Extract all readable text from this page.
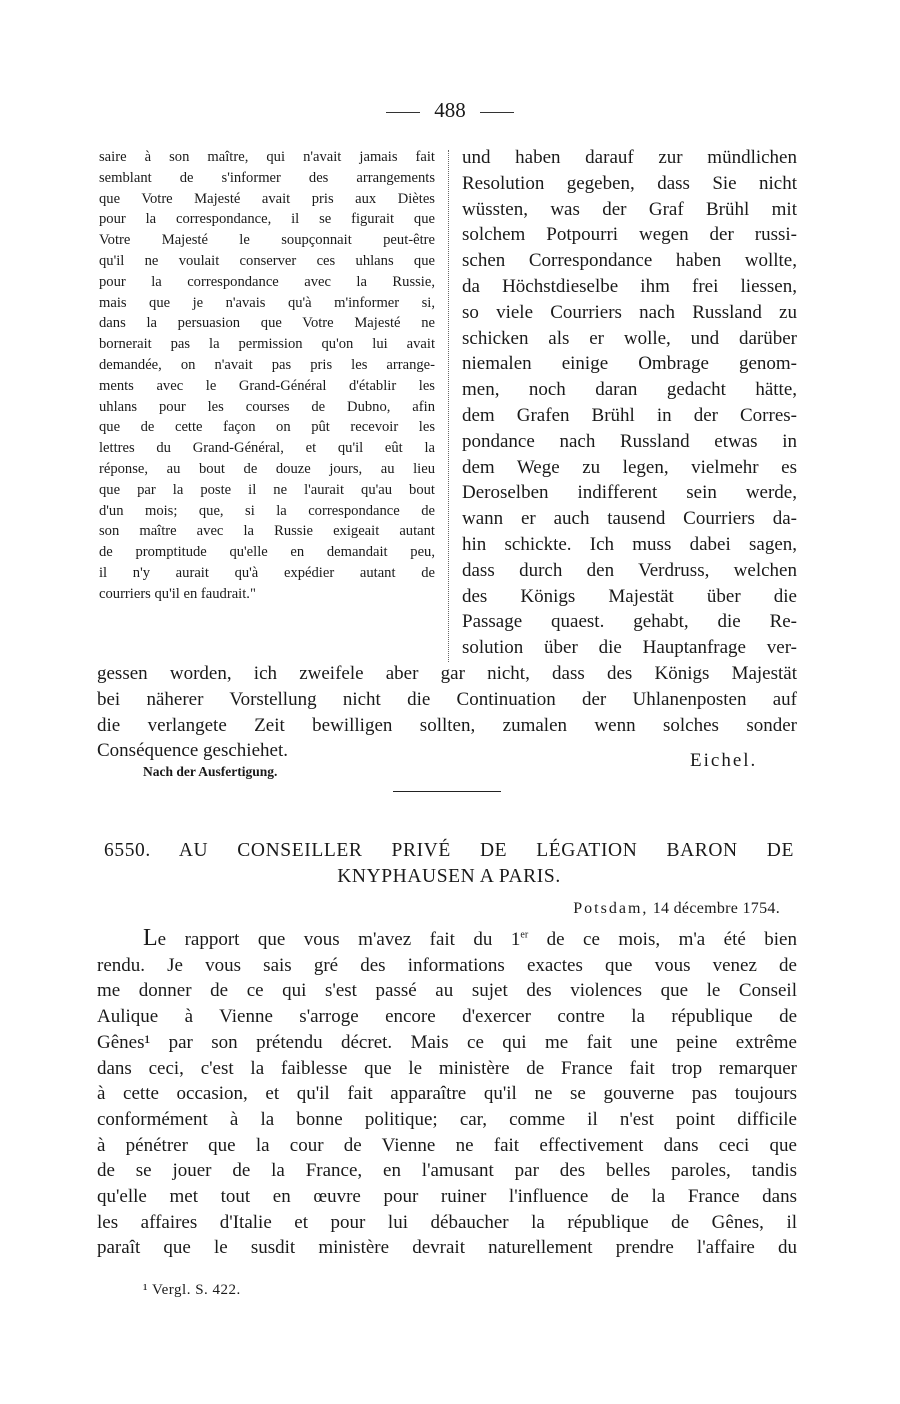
488
saire à son maître, qui n'avait jamais fait
semblant de s'informer des arrangements
que Votre Majesté avait pris aux Diètes
pour la correspondance, il se figurait que
Votre Majesté le soupçonnait peut-être
qu'il ne voulait conserver ces uhlans que
pour la correspondance avec la Russie,
mais que je n'avais qu'à m'informer si,
dans la persuasion que Votre Majesté ne
bornerait pas la permission qu'on lui avait
demandée, on n'avait pas pris les arrange-
ments avec le Grand-Général d'établir les
uhlans pour les courses de Dubno, afin
que de cette façon on pût recevoir les
lettres du Grand-Général, et qu'il eût la
réponse, au bout de douze jours, au lieu
que par la poste il ne l'aurait qu'au bout
d'un mois; que, si la correspondance de
son maître avec la Russie exigeait autant
de promptitude qu'elle en demandait peu,
il n'y aurait qu'à expédier autant de
courriers qu'il en faudrait."
und haben darauf zur mündlichen
Resolution gegeben, dass Sie nicht
wüssten, was der Graf Brühl mit
solchem Potpourri wegen der russi-
schen Correspondance haben wollte,
da Höchstdieselbe ihm frei liessen,
so viele Courriers nach Russland zu
schicken als er wolle, und darüber
niemalen einige Ombrage genom-
men, noch daran gedacht hätte,
dem Grafen Brühl in der Corres-
pondance nach Russland etwas in
dem Wege zu legen, vielmehr es
Deroselben indifferent sein werde,
wann er auch tausend Courriers da-
hin schickte. Ich muss dabei sagen,
dass durch den Verdruss, welchen
des Königs Majestät über die
Passage quaest. gehabt, die Re-
solution über die Hauptanfrage ver-
gessen worden, ich zweifele aber gar nicht, dass des Königs Majestät
bei näherer Vorstellung nicht die Continuation der Uhlanenposten auf
die verlangete Zeit bewilligen sollten, zumalen wenn solches sonder
Conséquence geschiehet.	Eichel.
Nach der Ausfertigung.
6550. AU CONSEILLER PRIVÉ DE LÉGATION BARON DE
KNYPHAUSEN A PARIS.
Potsdam, 14 décembre 1754.
Le rapport que vous m'avez fait du 1er de ce mois, m'a été bien
rendu. Je vous sais gré des informations exactes que vous venez de
me donner de ce qui s'est passé au sujet des violences que le Conseil
Aulique à Vienne s'arroge encore d'exercer contre la république de
Gênes¹ par son prétendu décret. Mais ce qui me fait une peine extrême
dans ceci, c'est la faiblesse que le ministère de France fait trop remarquer
à cette occasion, et qu'il fait apparaître qu'il ne se gouverne pas toujours
conformément à la bonne politique; car, comme il n'est point difficile
à pénétrer que la cour de Vienne ne fait effectivement dans ceci que
de se jouer de la France, en l'amusant par des belles paroles, tandis
qu'elle met tout en œuvre pour ruiner l'influence de la France dans
les affaires d'Italie et pour lui débaucher la république de Gênes, il
paraît que le susdit ministère devrait naturellement prendre l'affaire du
¹ Vergl. S. 422.
